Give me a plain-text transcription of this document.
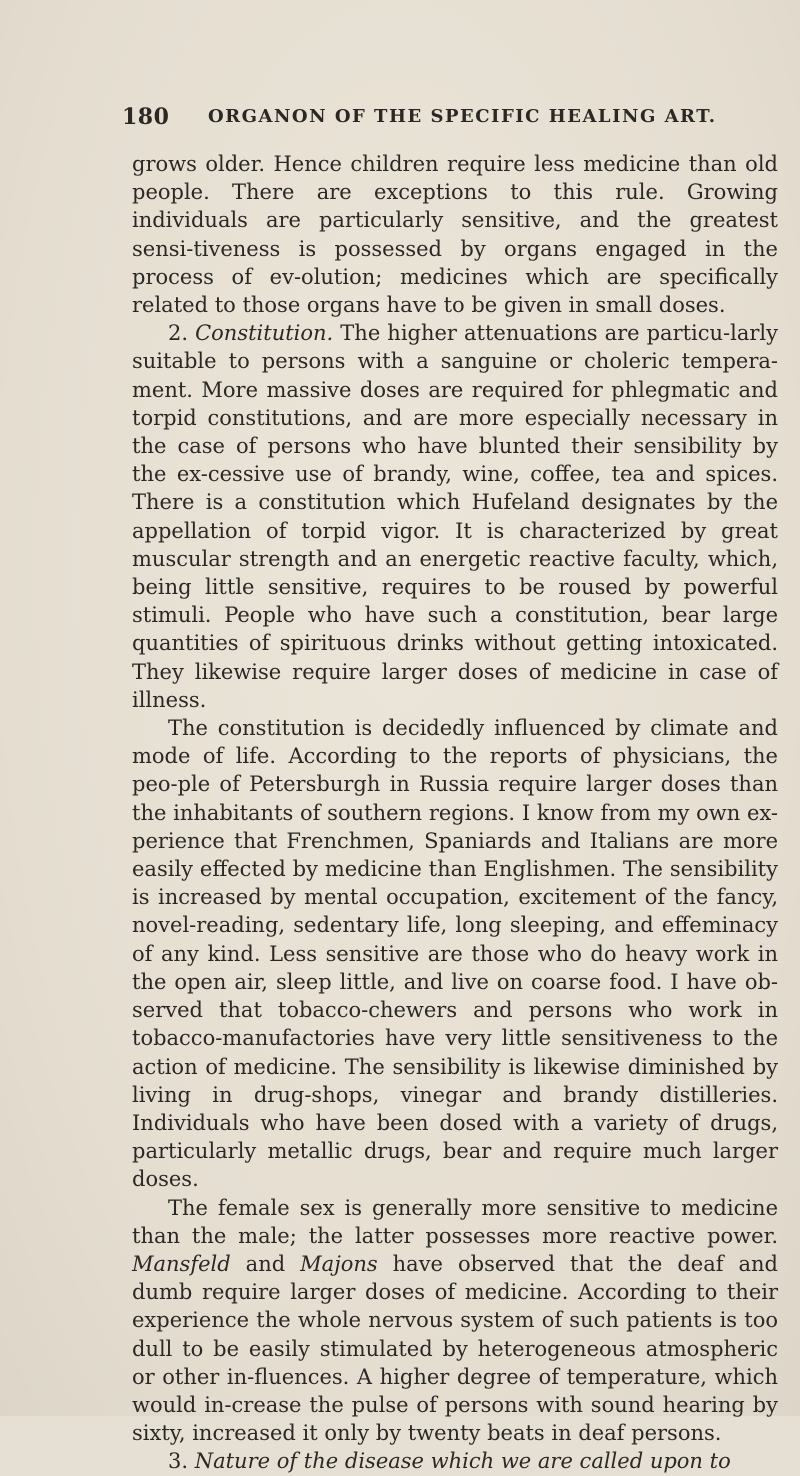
180 ORGANON OF THE SPECIFIC HEALING ART.

grows older. Hence children require less medicine than old people. There are exceptions to this rule. Growing individuals are particularly sensitive, and the greatest sensi-tiveness is possessed by organs engaged in the process of ev-olution; medicines which are specifically related to those organs have to be given in small doses.

2. Constitution. The higher attenuations are particu-larly suitable to persons with a sanguine or choleric tempera-ment. More massive doses are required for phlegmatic and torpid constitutions, and are more especially necessary in the case of persons who have blunted their sensibility by the ex-cessive use of brandy, wine, coffee, tea and spices. There is a constitution which Hufeland designates by the appellation of torpid vigor. It is characterized by great muscular strength and an energetic reactive faculty, which, being little sensitive, requires to be roused by powerful stimuli. People who have such a constitution, bear large quantities of spirituous drinks without getting intoxicated. They likewise require larger doses of medicine in case of illness.

The constitution is decidedly influenced by climate and mode of life. According to the reports of physicians, the peo-ple of Petersburgh in Russia require larger doses than the inhabitants of southern regions. I know from my own ex-perience that Frenchmen, Spaniards and Italians are more easily effected by medicine than Englishmen. The sensibility is increased by mental occupation, excitement of the fancy, novel-reading, sedentary life, long sleeping, and effeminacy of any kind. Less sensitive are those who do heavy work in the open air, sleep little, and live on coarse food. I have ob-served that tobacco-chewers and persons who work in tobacco-manufactories have very little sensitiveness to the action of medicine. The sensibility is likewise diminished by living in drug-shops, vinegar and brandy distilleries. Individuals who have been dosed with a variety of drugs, particularly metallic drugs, bear and require much larger doses.

The female sex is generally more sensitive to medicine than the male; the latter possesses more reactive power. Mansfeld and Majons have observed that the deaf and dumb require larger doses of medicine. According to their experience the whole nervous system of such patients is too dull to be easily stimulated by heterogeneous atmospheric or other in-fluences. A higher degree of temperature, which would in-crease the pulse of persons with sound hearing by sixty, increased it only by twenty beats in deaf persons.

3. Nature of the disease which we are called upon to
